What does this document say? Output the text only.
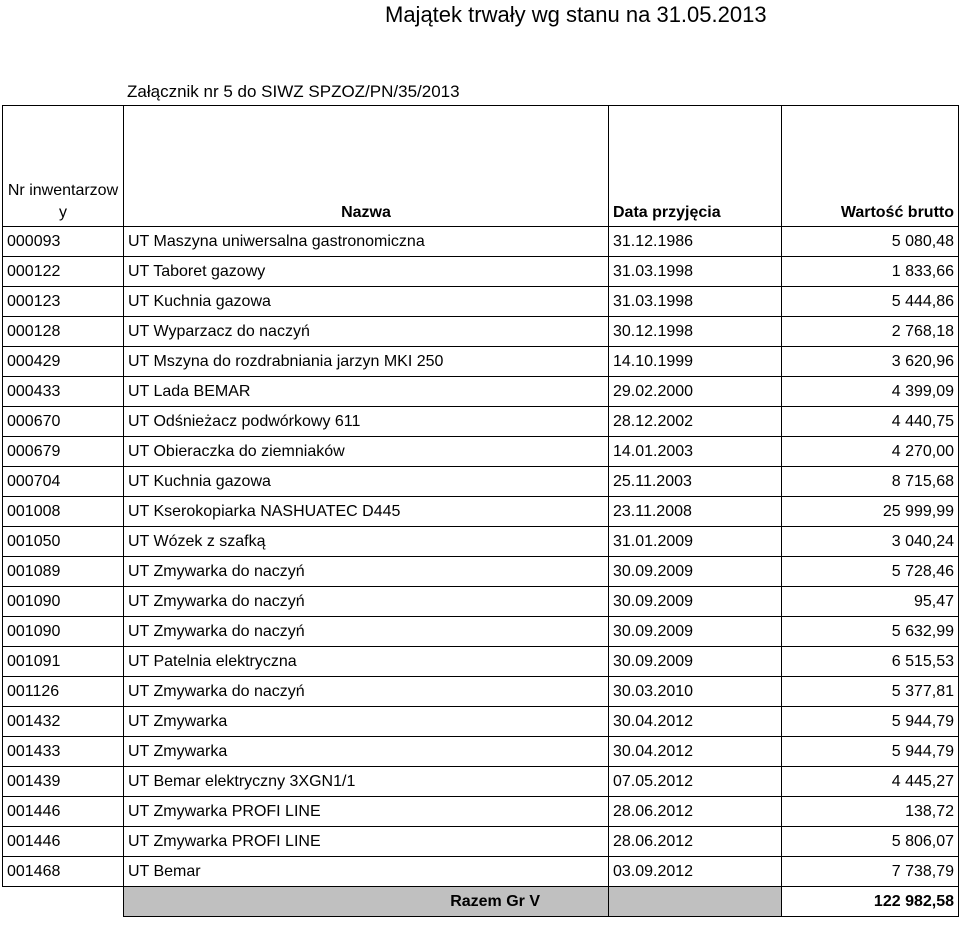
Majątek trwały wg stanu na 31.05.2013
Załącznik nr 5 do SIWZ SPZOZ/PN/35/2013
Nr inwentarzow y	Nazwa	Data przyjęcia	Wartość brutto
000093	UT Maszyna uniwersalna gastronomiczna	31.12.1986	5 080,48
000122	UT Taboret gazowy	31.03.1998	1 833,66
000123	UT Kuchnia gazowa	31.03.1998	5 444,86
000128	UT Wyparzacz do naczyń	30.12.1998	2 768,18
000429	UT Mszyna do rozdrabniania jarzyn MKI 250	14.10.1999	3 620,96
000433	UT Lada BEMAR	29.02.2000	4 399,09
000670	UT Odśnieżacz podwórkowy 611	28.12.2002	4 440,75
000679	UT Obieraczka do ziemniaków	14.01.2003	4 270,00
000704	UT Kuchnia gazowa	25.11.2003	8 715,68
001008	UT Kserokopiarka NASHUATEC D445	23.11.2008	25 999,99
001050	UT Wózek z szafką	31.01.2009	3 040,24
001089	UT Zmywarka do naczyń	30.09.2009	5 728,46
001090	UT Zmywarka do naczyń	30.09.2009	95,47
001090	UT Zmywarka do naczyń	30.09.2009	5 632,99
001091	UT Patelnia elektryczna	30.09.2009	6 515,53
001126	UT Zmywarka do naczyń	30.03.2010	5 377,81
001432	UT Zmywarka	30.04.2012	5 944,79
001433	UT Zmywarka	30.04.2012	5 944,79
001439	UT Bemar elektryczny 3XGN1/1	07.05.2012	4 445,27
001446	UT Zmywarka PROFI LINE	28.06.2012	138,72
001446	UT Zmywarka PROFI LINE	28.06.2012	5 806,07
001468	UT Bemar	03.09.2012	7 738,79
	Razem Gr V		122 982,58
